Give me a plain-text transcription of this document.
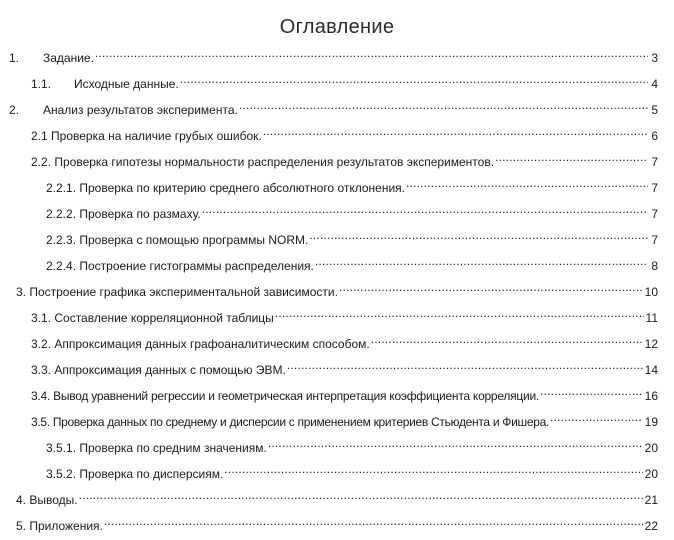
Оглавление
1.	Задание. .....	3
1.1.	Исходные данные. .....	4
2.	Анализ результатов эксперимента. .....	5
2.1 Проверка на наличие грубых ошибок. .....	6
2.2. Проверка гипотезы нормальности распределения результатов экспериментов. .....	7
2.2.1. Проверка по критерию среднего абсолютного отклонения. .....	7
2.2.2. Проверка по размаху. .....	7
2.2.3. Проверка с помощью программы NORM. .....	7
2.2.4. Построение гистограммы распределения. .....	8
3. Построение графика экспериментальной зависимости. .....	10
3.1. Составление корреляционной таблицы .....	11
3.2. Аппроксимация данных графоаналитическим способом. .....	12
3.3. Аппроксимация данных с помощью ЭВМ. .....	14
3.4. Вывод уравнений регрессии и геометрическая интерпретация коэффициента корреляции. .....	16
3.5. Проверка данных по среднему и дисперсии с применением критериев Стьюдента и Фишера. .....	19
3.5.1. Проверка по средним значениям. .....	20
3.5.2. Проверка по дисперсиям. .....	20
4. Выводы. .....	21
5. Приложения. .....	22
